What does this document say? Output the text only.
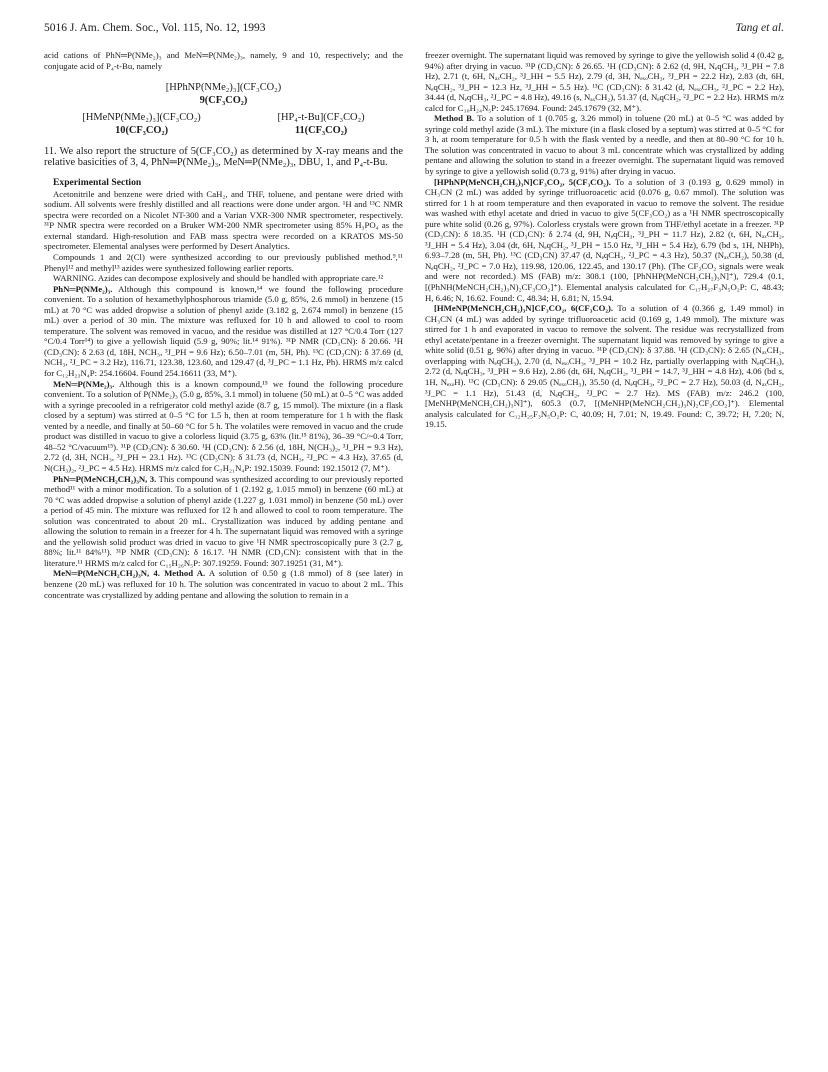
5016 J. Am. Chem. Soc., Vol. 115, No. 12, 1993	Tang et al.

acid cations of PhN═P(NMe₂)₃ and MeN═P(NMe₂)₃, namely, 9 and 10, respectively; and the conjugate acid of P₄-t-Bu, namely

[HPhNP(NMe₂)₃](CF₃CO₂)
9(CF₃CO₂)
[HMeNP(NMe₂)₃](CF₃CO₂)
10(CF₃CO₂)
[HP₄-t-Bu](CF₃CO₂)
11(CF₃CO₂)

11. We also report the structure of 5(CF₃CO₂) as determined by X-ray means and the relative basicities of 3, 4, PhN═P(NMe₂)₃, MeN═P(NMe₂)₃, DBU, 1, and P₄-t-Bu.

Experimental Section

Acetonitrile and benzene were dried with CaH₂, and THF, toluene, and pentane were dried with sodium. All solvents were freshly distilled and all reactions were done under argon. ¹H and ¹³C NMR spectra were recorded on a Nicolet NT-300 and a Varian VXR-300 NMR spectrometer, respectively. ³¹P NMR spectra were recorded on a Bruker WM-200 NMR spectrometer using 85% H₃PO₄ as the external standard. High-resolution and FAB mass spectra were recorded on a KRATOS MS-50 spectrometer. Elemental analyses were performed by Desert Analytics.

Compounds 1 and 2(Cl) were synthesized according to our previously published method.⁹,¹¹ Phenyl¹² and methyl¹³ azides were synthesized following earlier reports.

WARNING. Azides can decompose explosively and should be handled with appropriate care.¹²

PhN═P(NMe₂)₃. Although this compound is known,¹⁴ we found the following procedure convenient. To a solution of hexamethylphosphorous triamide (5.0 g, 85%, 2.6 mmol) in benzene (15 mL) at 70 °C was added dropwise a solution of phenyl azide (3.182 g, 2.674 mmol) in benzene (15 mL) over a period of 30 min. The mixture was refluxed for 10 h and allowed to cool to room temperature. The solvent was removed in vacuo, and the residue was distilled at 127 °C/0.4 Torr (127 °C/0.4 Torr¹⁴) to give a yellowish liquid (5.9 g, 90%; lit.¹⁴ 91%). ³¹P NMR (CD₃CN): δ 20.66. ¹H (CD₃CN): δ 2.63 (d, 18H, NCH₃, ³J_PH = 9.6 Hz); 6.50–7.01 (m, 5H, Ph). ¹³C (CD₃CN): δ 37.69 (d, NCH₃, ²J_PC = 3.2 Hz), 116.71, 123.38, 123.60, and 129.47 (d, ³J_PC = 1.1 Hz, Ph). HRMS m/z calcd for C₁₂H₂₃N₄P: 254.16604. Found 254.16611 (33, M⁺).

MeN═P(NMe₂)₃. Although this is a known compound,¹⁵ we found the following procedure convenient. To a solution of P(NMe₂)₃ (5.0 g, 85%, 3.1 mmol) in toluene (50 mL) at 0–5 °C was added with a syringe precooled in a refrigerator cold methyl azide (8.7 g, 15 mmol). The mixture (in a flask closed by a septum) was stirred at 0–5 °C for 1.5 h, then at room temperature for 1 h with the flask vented by a needle, and finally at 50–60 °C for 5 h. The volatiles were removed in vacuo and the crude product was distilled in vacuo to give a colorless liquid (3.75 g, 63% (lit.¹⁵ 81%), 36–39 °C/~0.4 Torr, 48–52 °C/vacuum¹⁵). ³¹P (CD₃CN): δ 30.60. ¹H (CD₃CN): δ 2.56 (d, 18H, N(CH₃)₂, ³J_PH = 9.3 Hz), 2.72 (d, 3H, NCH₃, ³J_PH = 23.1 Hz). ¹³C (CD₃CN): δ 31.73 (d, NCH₃, ²J_PC = 4.3 Hz), 37.65 (d, N(CH₃)₂, ²J_PC = 4.5 Hz). HRMS m/z calcd for C₇H₂₁N₄P: 192.15039. Found: 192.15012 (7, M⁺).

PhN═P(MeNCH₂CH₂)₃N, 3. This compound was synthesized according to our previously reported method¹¹ with a minor modification. To a solution of 1 (2.192 g, 1.015 mmol) in benzene (60 mL) at 70 °C was added dropwise a solution of phenyl azide (1.227 g, 1.031 mmol) in benzene (50 mL) over a period of 45 min. The mixture was refluxed for 12 h and allowed to cool to room temperature. The solution was concentrated to about 20 mL. Crystallization was induced by adding pentane and allowing the solution to remain in a freezer for 4 h. The supernatant liquid was removed with a syringe and the yellowish solid product was dried in vacuo to give ¹H NMR spectroscopically pure 3 (2.7 g, 88%; lit.¹¹ 84%¹¹). ³¹P NMR (CD₃CN): δ 16.17. ¹H NMR (CD₃CN): consistent with that in the literature.¹¹ HRMS m/z calcd for C₁₅H₂₆N₅P: 307.19259. Found: 307.19251 (31, M⁺).

MeN═P(MeNCH₂CH₂)₃N, 4. Method A. A solution of 0.50 g (1.8 mmol) of 8 (see later) in benzene (20 mL) was refluxed for 10 h. The solution was concentrated in vacuo to about 2 mL. This concentrate was crystallized by adding pentane and allowing the solution to remain in a

freezer overnight. The supernatant liquid was removed by syringe to give the yellowish solid 4 (0.42 g, 94%) after drying in vacuo. ³¹P (CD₃CN): δ 26.65. ¹H (CD₃CN): δ 2.62 (d, 9H, NₑqCH₃, ³J_PH = 7.8 Hz), 2.71 (t, 6H, NₐₓCH₂, ³J_HH = 5.5 Hz), 2.79 (d, 3H, NₑₓₒCH₃, ³J_PH = 22.2 Hz), 2.83 (dt, 6H, NₑqCH₂, ³J_PH = 12.3 Hz, ³J_HH = 5.5 Hz). ¹³C (CD₃CN): δ 31.42 (d, NₑₓₒCH₃, ²J_PC = 2.2 Hz), 34.44 (d, NₑqCH₃, ²J_PC = 4.8 Hz), 49.16 (s, NₐₓCH₂), 51.37 (d, NₑqCH₂, ²J_PC = 2.2 Hz). HRMS m/z calcd for C₁₀H₂₄N₅P: 245.17694. Found: 245.17679 (32, M⁺).

Method B. To a solution of 1 (0.705 g, 3.26 mmol) in toluene (20 mL) at 0–5 °C was added by syringe cold methyl azide (3 mL). The mixture (in a flask closed by a septum) was stirred at 0–5 °C for 3 h, at room temperature for 0.5 h with the flask vented by a needle, and then at 80–90 °C for 10 h. The solution was concentrated in vacuo to about 3 mL concentrate which was crystallized by adding pentane and allowing the solution to stand in a freezer overnight. The supernatant liquid was removed by syringe to give a yellowish solid (0.73 g, 91%) after drying in vacuo.

[HPhNP(MeNCH₂CH₂)₃N]CF₃CO₂, 5(CF₃CO₂). To a solution of 3 (0.193 g, 0.629 mmol) in CH₃CN (2 mL) was added by syringe trifluoroacetic acid (0.076 g, 0.67 mmol). The solution was stirred for 1 h at room temperature and then evaporated in vacuo to remove the solvent. The residue was washed with ethyl acetate and dried in vacuo to give 5(CF₃CO₂) as a ¹H NMR spectroscopically pure white solid (0.26 g, 97%). Colorless crystals were grown from THF/ethyl acetate in a freezer. ³¹P (CD₃CN): δ 18.35. ¹H (CD₃CN): δ 2.74 (d, 9H, NₑqCH₃, ³J_PH = 11.7 Hz), 2.82 (t, 6H, NₐₓCH₂, ³J_HH = 5.4 Hz), 3.04 (dt, 6H, NₑqCH₂, ³J_PH = 15.0 Hz, ³J_HH = 5.4 Hz), 6.79 (bd s, 1H, NHPh), 6.93–7.28 (m, 5H, Ph). ¹³C (CD₃CN) 37.47 (d, NₑqCH₃, ²J_PC = 4.3 Hz), 50.37 (NₐₓCH₂), 50.38 (d, NₑqCH₂, ²J_PC = 7.0 Hz), 119.98, 120.06, 122.45, and 130.17 (Ph). (The CF₃CO₂ signals were weak and were not recorded.) MS (FAB) m/z: 308.1 (100, [PhNHP(MeNCH₂CH₂)₃N]⁺), 729.4 (0.1, [(PhNH(MeNCH₂CH₂)₃N)₂CF₃CO₂]⁺). Elemental analysis calculated for C₁₇H₂₇F₃N₅O₂P: C, 48.43; H, 6.46; N, 16.62. Found: C, 48.34; H, 6.81; N, 15.94.

[HMeNP(MeNCH₂CH₂)₃N]CF₃CO₂, 6(CF₃CO₂). To a solution of 4 (0.366 g, 1.49 mmol) in CH₃CN (4 mL) was added by syringe trifluoroacetic acid (0.169 g, 1.49 mmol). The mixture was stirred for 1 h and evaporated in vacuo to remove the solvent. The residue was recrystallized from ethyl acetate/pentane in a freezer overnight. The supernatant liquid was removed by syringe to give a white solid (0.51 g, 96%) after drying in vacuo. ³¹P (CD₃CN): δ 37.88. ¹H (CD₃CN): δ 2.65 (NₐₓCH₂, overlapping with NₑqCH₃), 2.70 (d, NₑₓₒCH₃, ³J_PH = 10.2 Hz, partially overlapping with NₑqCH₃), 2.72 (d, NₑqCH₃, ³J_PH = 9.6 Hz), 2.86 (dt, 6H, NₑqCH₂, ³J_PH = 14.7, ³J_HH = 4.8 Hz), 4.06 (bd s, 1H, NₑₓₒH). ¹³C (CD₃CN): δ 29.05 (NₑₓₒCH₃), 35.50 (d, NₑqCH₃, ²J_PC = 2.7 Hz), 50.03 (d, NₐₓCH₂, ³J_PC = 1.1 Hz), 51.43 (d, NₑqCH₂, ²J_PC = 2.7 Hz). MS (FAB) m/z: 246.2 (100, [MeNHP(MeNCH₂CH₂)₃N]⁺), 605.3 (0.7, [(MeNHP(MeNCH₂CH₂)₃N)₂CF₃CO₂]⁺). Elemental analysis calculated for C₁₂H₂₅F₃N₅O₂P: C, 40.09; H, 7.01; N, 19.49. Found: C, 39.72; H, 7.20; N, 19.15.
